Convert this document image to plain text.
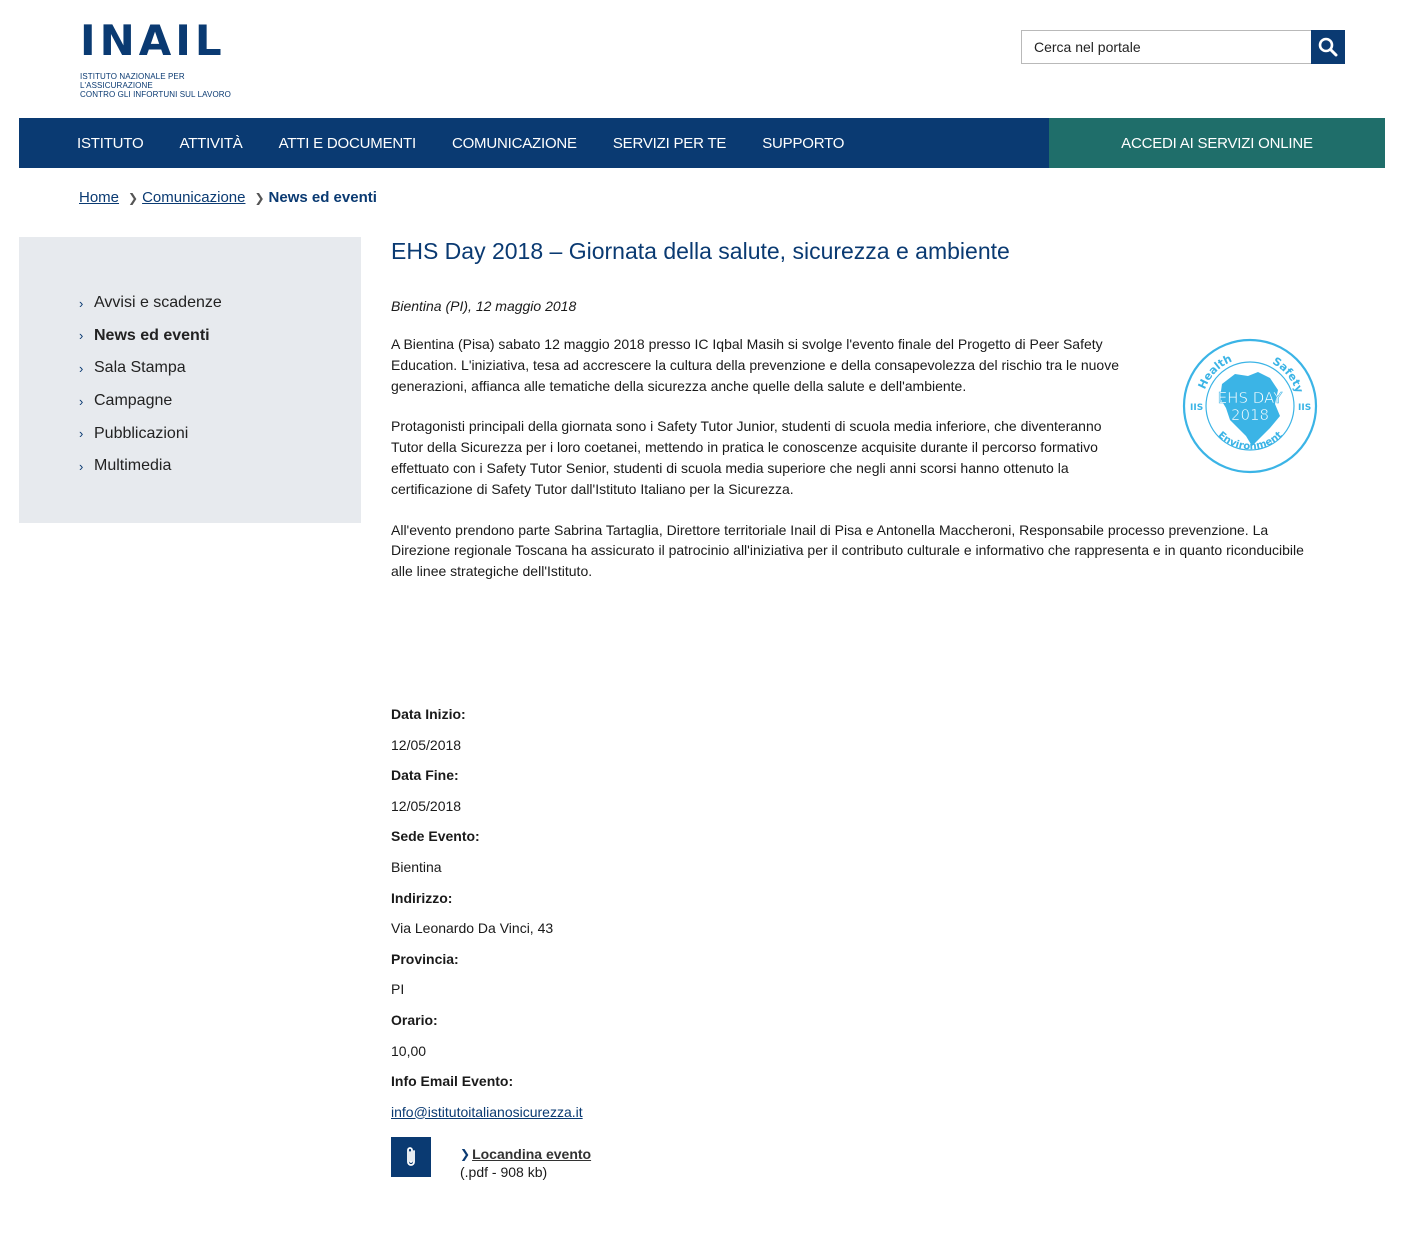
INAIL
ISTITUTO NAZIONALE PER L'ASSICURAZIONE
CONTRO GLI INFORTUNI SUL LAVORO
Cerca nel portale
ISTITUTO ATTIVITÀ ATTI E DOCUMENTI COMUNICAZIONE SERVIZI PER TE SUPPORTO	ACCEDI AI SERVIZI ONLINE
Home ❯ Comunicazione ❯ News ed eventi
› Avvisi e scadenze
› News ed eventi
› Sala Stampa
› Campagne
› Pubblicazioni
› Multimedia
EHS Day 2018 – Giornata della salute, sicurezza e ambiente
Bientina (PI), 12 maggio 2018

A Bientina (Pisa) sabato 12 maggio 2018 presso IC Iqbal Masih si svolge l'evento finale del Progetto di Peer Safety Education. L'iniziativa, tesa ad accrescere la cultura della prevenzione e della consapevolezza del rischio tra le nuove generazioni, affianca alle tematiche della sicurezza anche quelle della salute e dell'ambiente.

Protagonisti principali della giornata sono i Safety Tutor Junior, studenti di scuola media inferiore, che diventeranno Tutor della Sicurezza per i loro coetanei, mettendo in pratica le conoscenze acquisite durante il percorso formativo effettuato con i Safety Tutor Senior, studenti di scuola media superiore che negli anni scorsi hanno ottenuto la certificazione di Safety Tutor dall'Istituto Italiano per la Sicurezza.

All'evento prendono parte Sabrina Tartaglia, Direttore territoriale Inail di Pisa e Antonella Maccheroni, Responsabile processo prevenzione. La Direzione regionale Toscana ha assicurato il patrocinio all'iniziativa per il contributo culturale e informativo che rappresenta e in quanto riconducibile alle linee strategiche dell'Istituto.

Health	Safety
Environment
IIS	IIS
EHS DAY
2018
Data Inizio:
12/05/2018
Data Fine:
12/05/2018
Sede Evento:
Bientina
Indirizzo:
Via Leonardo Da Vinci, 43
Provincia:
PI
Orario:
10,00
Info Email Evento:
info@istitutoitalianosicurezza.it
❯ Locandina evento
(.pdf - 908 kb)
